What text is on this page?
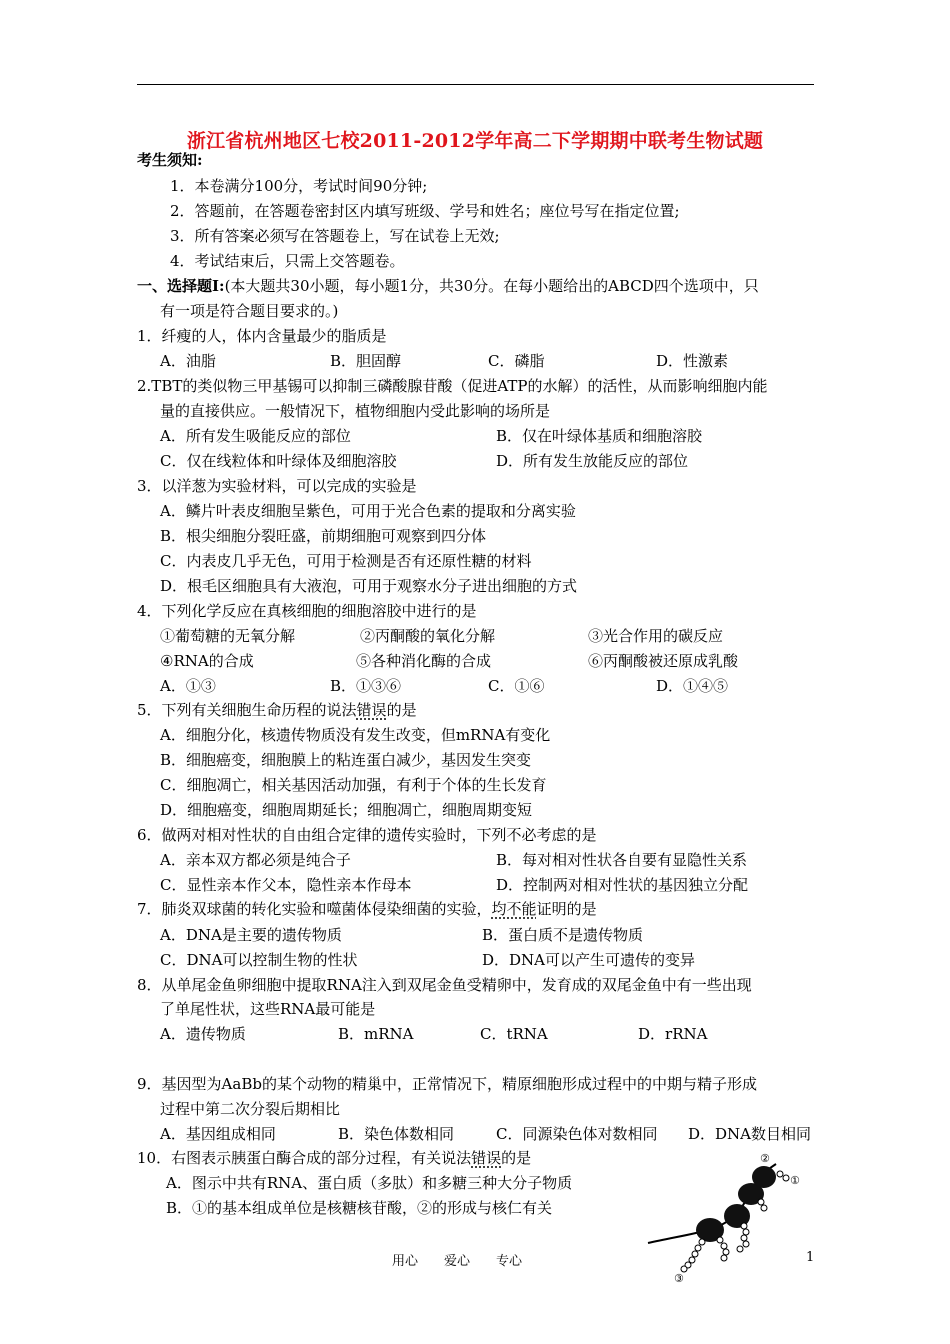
浙江省杭州地区七校2011-2012学年高二下学期期中联考生物试题
考生须知:
1．本卷满分100分，考试时间90分钟;
2．答题前，在答题卷密封区内填写班级、学号和姓名；座位号写在指定位置;
3．所有答案必须写在答题卷上，写在试卷上无效;
4．考试结束后，只需上交答题卷。
一、选择题Ⅰ:(本大题共30小题，每小题1分，共30分。在每小题给出的ABCD四个选项中，只
有一项是符合题目要求的。)
1．纤瘦的人，体内含量最少的脂质是
A．油脂	B．胆固醇	C．磷脂	D．性激素
2.TBT的类似物三甲基锡可以抑制三磷酸腺苷酸（促进ATP的水解）的活性，从而影响细胞内能
量的直接供应。一般情况下，植物细胞内受此影响的场所是
A．所有发生吸能反应的部位	B．仅在叶绿体基质和细胞溶胶
C．仅在线粒体和叶绿体及细胞溶胶	D．所有发生放能反应的部位
3．以洋葱为实验材料，可以完成的实验是
A．鳞片叶表皮细胞呈紫色，可用于光合色素的提取和分离实验
B．根尖细胞分裂旺盛，前期细胞可观察到四分体
C．内表皮几乎无色，可用于检测是否有还原性糖的材料
D．根毛区细胞具有大液泡，可用于观察水分子进出细胞的方式
4．下列化学反应在真核细胞的细胞溶胶中进行的是
①葡萄糖的无氧分解	②丙酮酸的氧化分解	③光合作用的碳反应
④RNA的合成	⑤各种消化酶的合成	⑥丙酮酸被还原成乳酸
A．①③	B．①③⑥	C．①⑥	D．①④⑤
5．下列有关细胞生命历程的说法错误的是
A．细胞分化，核遗传物质没有发生改变，但mRNA有变化
B．细胞癌变，细胞膜上的粘连蛋白减少，基因发生突变
C．细胞凋亡，相关基因活动加强，有利于个体的生长发育
D．细胞癌变，细胞周期延长；细胞凋亡，细胞周期变短
6．做两对相对性状的自由组合定律的遗传实验时，下列不必考虑的是
A．亲本双方都必须是纯合子	B．每对相对性状各自要有显隐性关系
C．显性亲本作父本，隐性亲本作母本	D．控制两对相对性状的基因独立分配
7．肺炎双球菌的转化实验和噬菌体侵染细菌的实验，均不能证明的是
A．DNA是主要的遗传物质	B．蛋白质不是遗传物质
C．DNA可以控制生物的性状	D．DNA可以产生可遗传的变异
8．从单尾金鱼卵细胞中提取RNA注入到双尾金鱼受精卵中，发育成的双尾金鱼中有一些出现
了单尾性状，这些RNA最可能是
A．遗传物质	B．mRNA	C．tRNA	D．rRNA
9．基因型为AaBb的某个动物的精巢中，正常情况下，精原细胞形成过程中的中期与精子形成
过程中第二次分裂后期相比
A．基因组成相同	B．染色体数相同	C．同源染色体对数相同 D．DNA数目相同
10．右图表示胰蛋白酶合成的部分过程，有关说法错误的是
A．图示中共有RNA、蛋白质（多肽）和多糖三种大分子物质
B．①的基本组成单位是核糖核苷酸，②的形成与核仁有关
②
①
③
用心　　爱心　　专心	1
